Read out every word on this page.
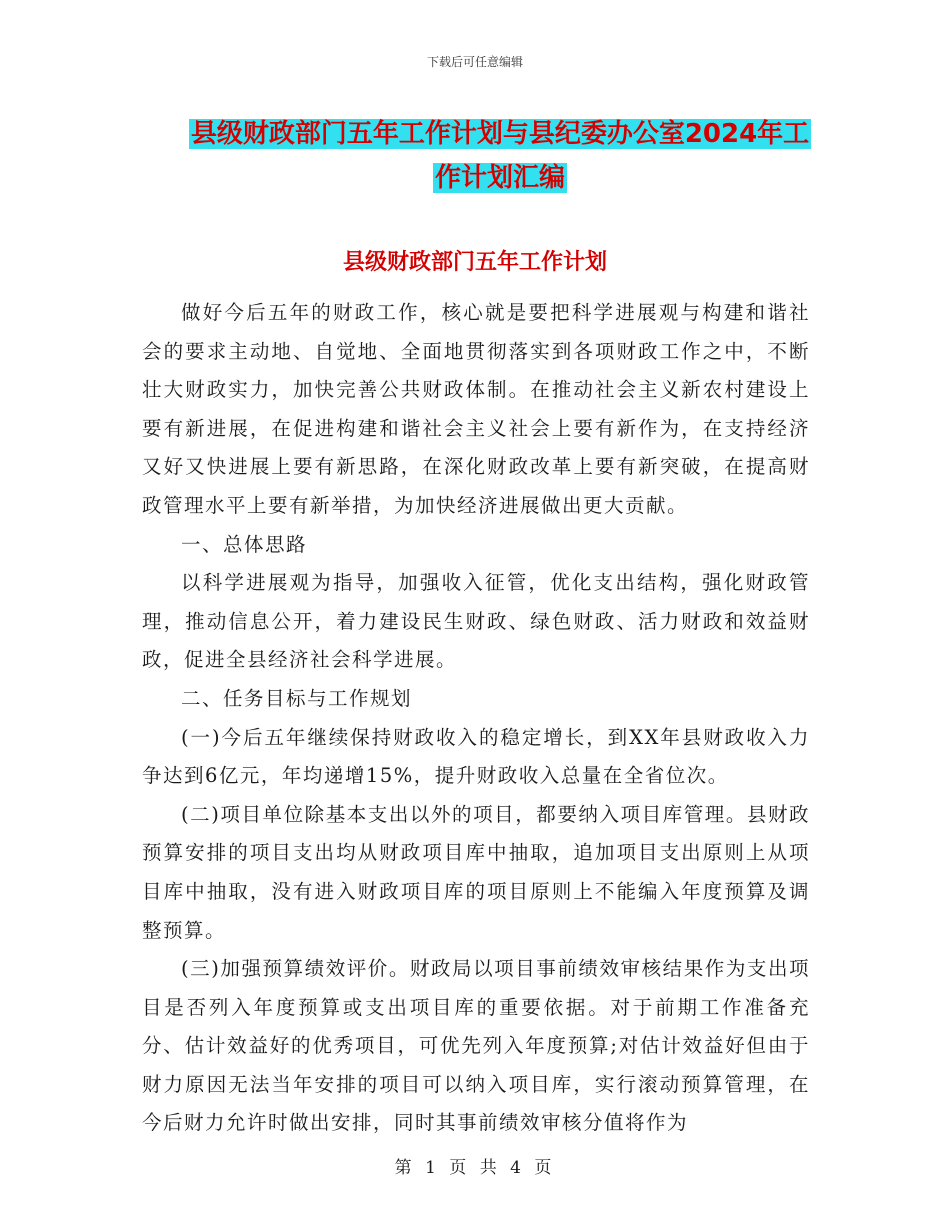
下载后可任意编辑
县级财政部门五年工作计划与县纪委办公室2024年工
作计划汇编
县级财政部门五年工作计划

做好今后五年的财政工作，核心就是要把科学进展观与构建和谐社会的要求主动地、自觉地、全面地贯彻落实到各项财政工作之中，不断壮大财政实力，加快完善公共财政体制。在推动社会主义新农村建设上要有新进展，在促进构建和谐社会主义社会上要有新作为，在支持经济又好又快进展上要有新思路，在深化财政改革上要有新突破，在提高财政管理水平上要有新举措，为加快经济进展做出更大贡献。

一、总体思路

以科学进展观为指导，加强收入征管，优化支出结构，强化财政管理，推动信息公开，着力建设民生财政、绿色财政、活力财政和效益财政，促进全县经济社会科学进展。

二、任务目标与工作规划

(一)今后五年继续保持财政收入的稳定增长，到XX年县财政收入力争达到6亿元，年均递增15%，提升财政收入总量在全省位次。

(二)项目单位除基本支出以外的项目，都要纳入项目库管理。县财政预算安排的项目支出均从财政项目库中抽取，追加项目支出原则上从项目库中抽取，没有进入财政项目库的项目原则上不能编入年度预算及调整预算。

(三)加强预算绩效评价。财政局以项目事前绩效审核结果作为支出项目是否列入年度预算或支出项目库的重要依据。对于前期工作准备充分、估计效益好的优秀项目，可优先列入年度预算;对估计效益好但由于财力原因无法当年安排的项目可以纳入项目库，实行滚动预算管理，在今后财力允许时做出安排，同时其事前绩效审核分值将作为

第 1 页 共 4 页
